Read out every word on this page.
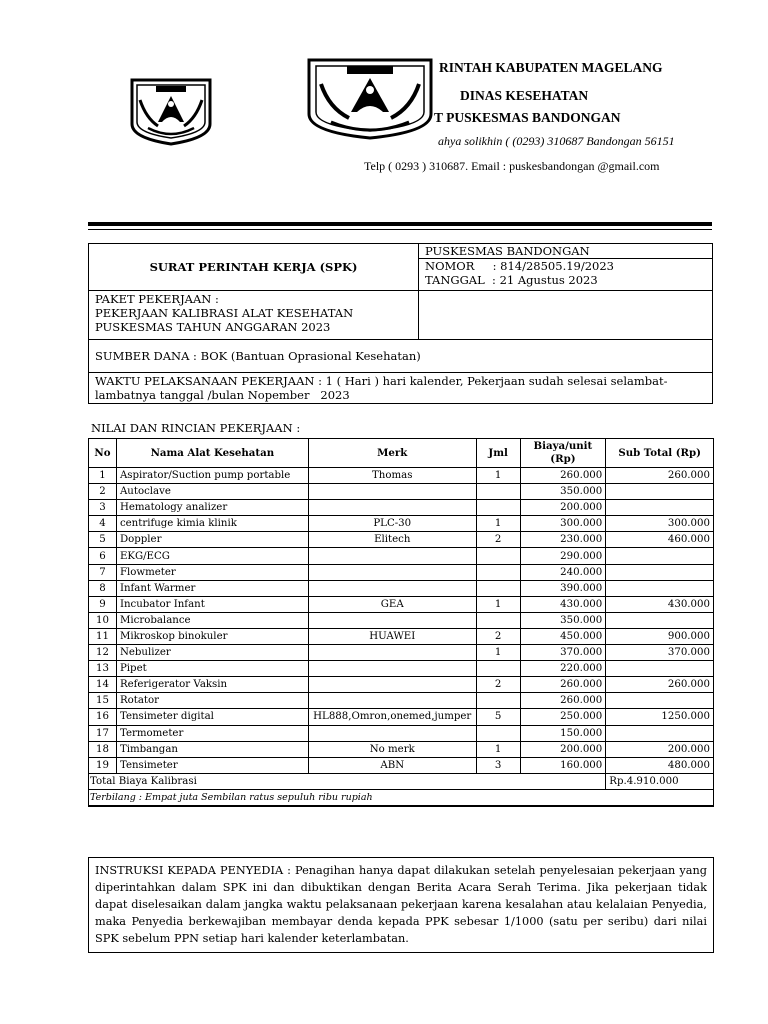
RINTAH KABUPATEN MAGELANG
DINAS KESEHATAN
T PUSKESMAS BANDONGAN
ahya solikhin ( (0293) 310687 Bandongan 56151
Telp ( 0293 ) 310687. Email : puskesbandongan @gmail.com
SURAT PERINTAH KERJA (SPK)	PUSKESMAS BANDONGAN
NOMOR     : 814/28505.19/2023
TANGGAL  : 21 Agustus 2023

PAKET PEKERJAAN :
PEKERJAAN KALIBRASI ALAT KESEHATAN
PUSKESMAS TAHUN ANGGARAN 2023	

SUMBER DANA : BOK (Bantuan Oprasional Kesehatan)	
WAKTU PELAKSANAAN PEKERJAAN : 1 ( Hari ) hari kalender, Pekerjaan sudah selesai selambat-lambatnya tanggal /bulan Nopember   2023	
NILAI DAN RINCIAN PEKERJAAN :
No	Nama Alat Kesehatan	Merk	Jml	Biaya/unit (Rp)	Sub Total (Rp)
1	Aspirator/Suction pump portable	Thomas	1	260.000	260.000
2	Autoclave			350.000	
3	Hematology analizer			200.000	
4	centrifuge kimia klinik	PLC-30	1	300.000	300.000
5	Doppler	Elitech	2	230.000	460.000
6	EKG/ECG			290.000	
7	Flowmeter			240.000	
8	Infant Warmer			390.000	
9	Incubator Infant	GEA	1	430.000	430.000
10	Microbalance			350.000	
11	Mikroskop binokuler	HUAWEI	2	450.000	900.000
12	Nebulizer		1	370.000	370.000
13	Pipet			220.000	
14	Referigerator Vaksin		2	260.000	260.000
15	Rotator			260.000	
16	Tensimeter digital	HL888,Omron,onemed,jumper	5	250.000	1250.000
17	Termometer			150.000	
18	Timbangan	No merk	1	200.000	200.000
19	Tensimeter	ABN	3	160.000	480.000
Total Biaya Kalibrasi					Rp.4.910.000
Terbilang : Empat juta Sembilan ratus sepuluh ribu rupiah					
INSTRUKSI KEPADA PENYEDIA : Penagihan hanya dapat dilakukan setelah penyelesaian pekerjaan yang diperintahkan dalam SPK ini dan dibuktikan dengan Berita Acara Serah Terima. Jika pekerjaan tidak dapat diselesaikan dalam jangka waktu pelaksanaan pekerjaan karena kesalahan atau kelalaian Penyedia, maka Penyedia berkewajiban membayar denda kepada PPK sebesar 1/1000 (satu per seribu) dari nilai SPK sebelum PPN setiap hari kalender keterlambatan.
